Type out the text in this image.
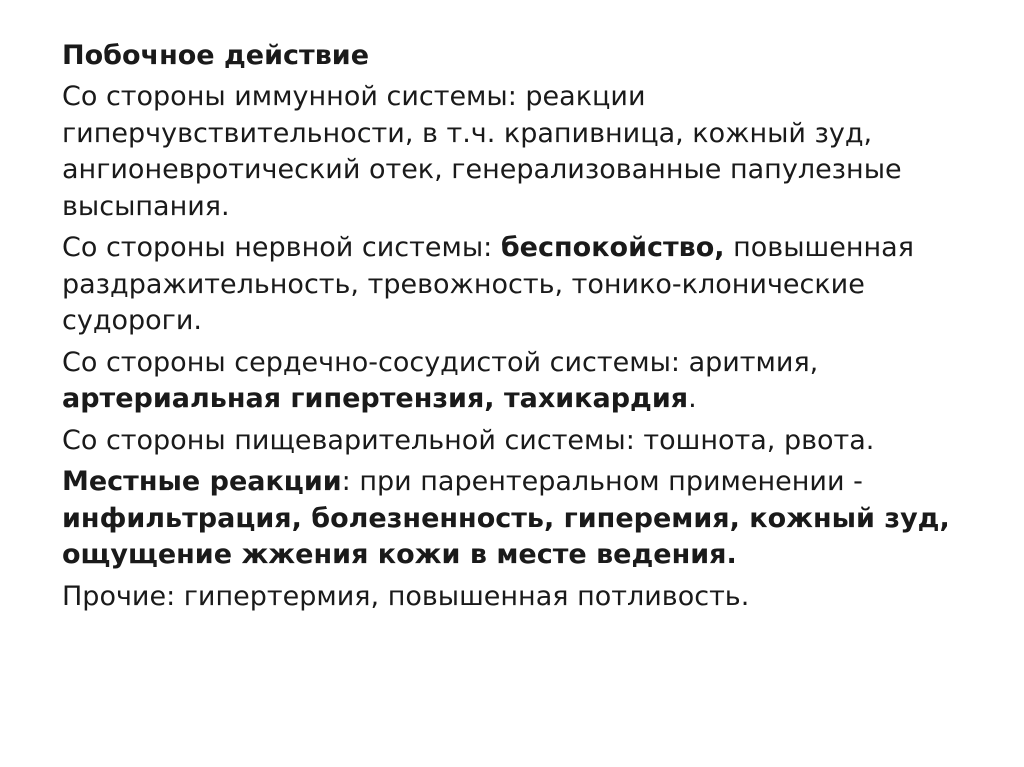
Побочное действие

Со стороны иммунной системы: реакции гиперчувствительности, в т.ч. крапивница, кожный зуд, ангионевротический отек, генерализованные папулезные высыпания.

Со стороны нервной системы: беспокойство, повышенная раздражительность, тревожность, тонико-клонические судороги.

Со стороны сердечно-сосудистой системы: аритмия, артериальная гипертензия, тахикардия.

Со стороны пищеварительной системы: тошнота, рвота.

Местные реакции: при парентеральном применении - инфильтрация, болезненность, гиперемия, кожный зуд, ощущение жжения кожи в месте ведения.

Прочие: гипертермия, повышенная потливость.
